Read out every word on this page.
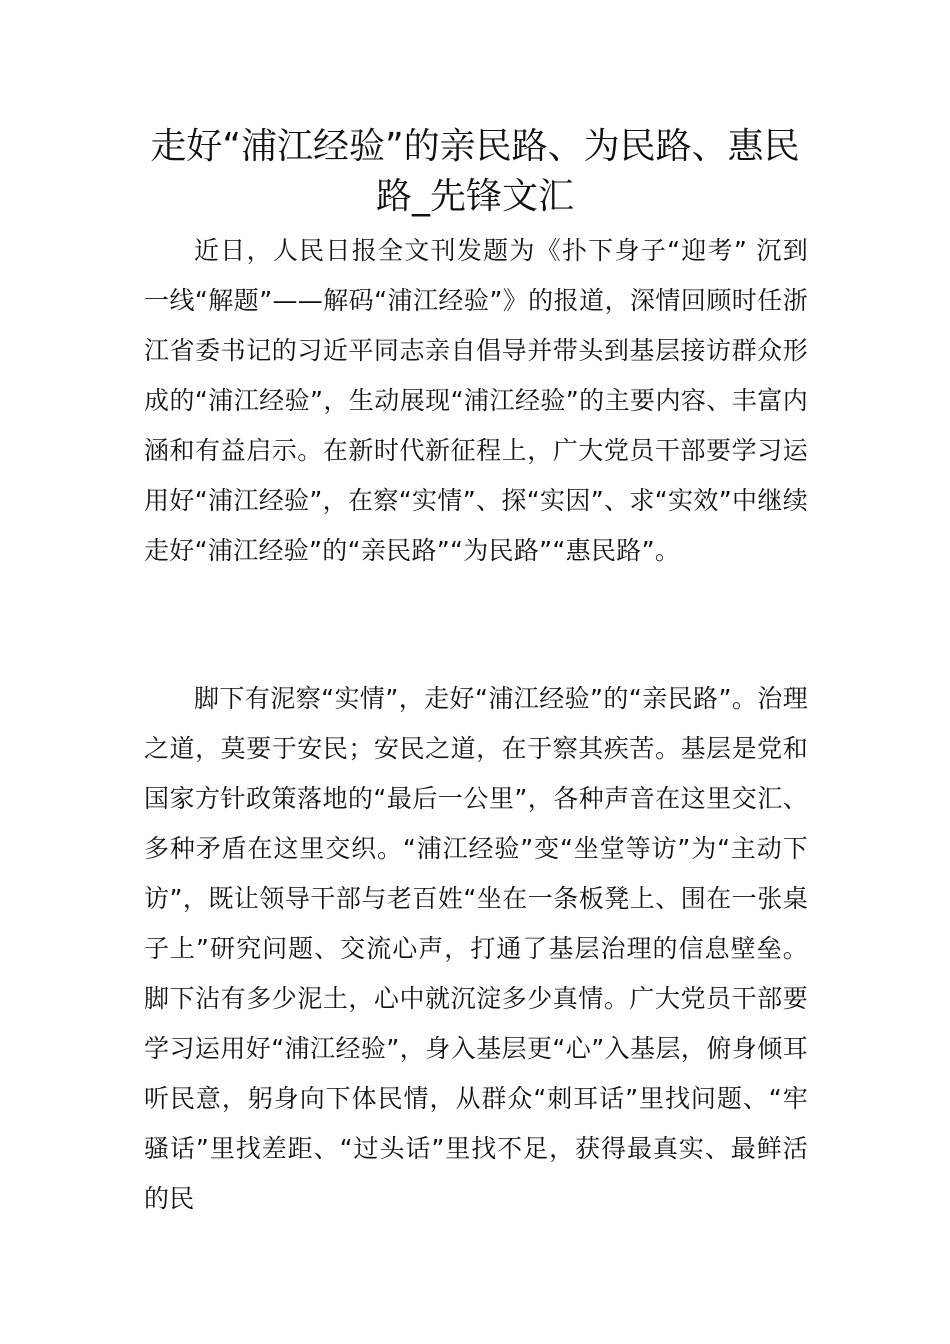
走好“浦江经验”的亲民路、为民路、惠民路_先锋文汇

近日，人民日报全文刊发题为《扑下身子“迎考” 沉到一线“解题”——解码“浦江经验”》的报道，深情回顾时任浙江省委书记的习近平同志亲自倡导并带头到基层接访群众形成的“浦江经验”，生动展现“浦江经验”的主要内容、丰富内涵和有益启示。在新时代新征程上，广大党员干部要学习运用好“浦江经验”，在察“实情”、探“实因”、求“实效”中继续走好“浦江经验”的“亲民路”“为民路”“惠民路”。

脚下有泥察“实情”，走好“浦江经验”的“亲民路”。治理之道，莫要于安民；安民之道，在于察其疾苦。基层是党和国家方针政策落地的“最后一公里”，各种声音在这里交汇、多种矛盾在这里交织。“浦江经验”变“坐堂等访”为“主动下访”，既让领导干部与老百姓“坐在一条板凳上、围在一张桌子上”研究问题、交流心声，打通了基层治理的信息壁垒。脚下沾有多少泥土，心中就沉淀多少真情。广大党员干部要学习运用好“浦江经验”，身入基层更“心”入基层，俯身倾耳听民意，躬身向下体民情，从群众“刺耳话”里找问题、“牢骚话”里找差距、“过头话”里找不足，获得最真实、最鲜活的民
